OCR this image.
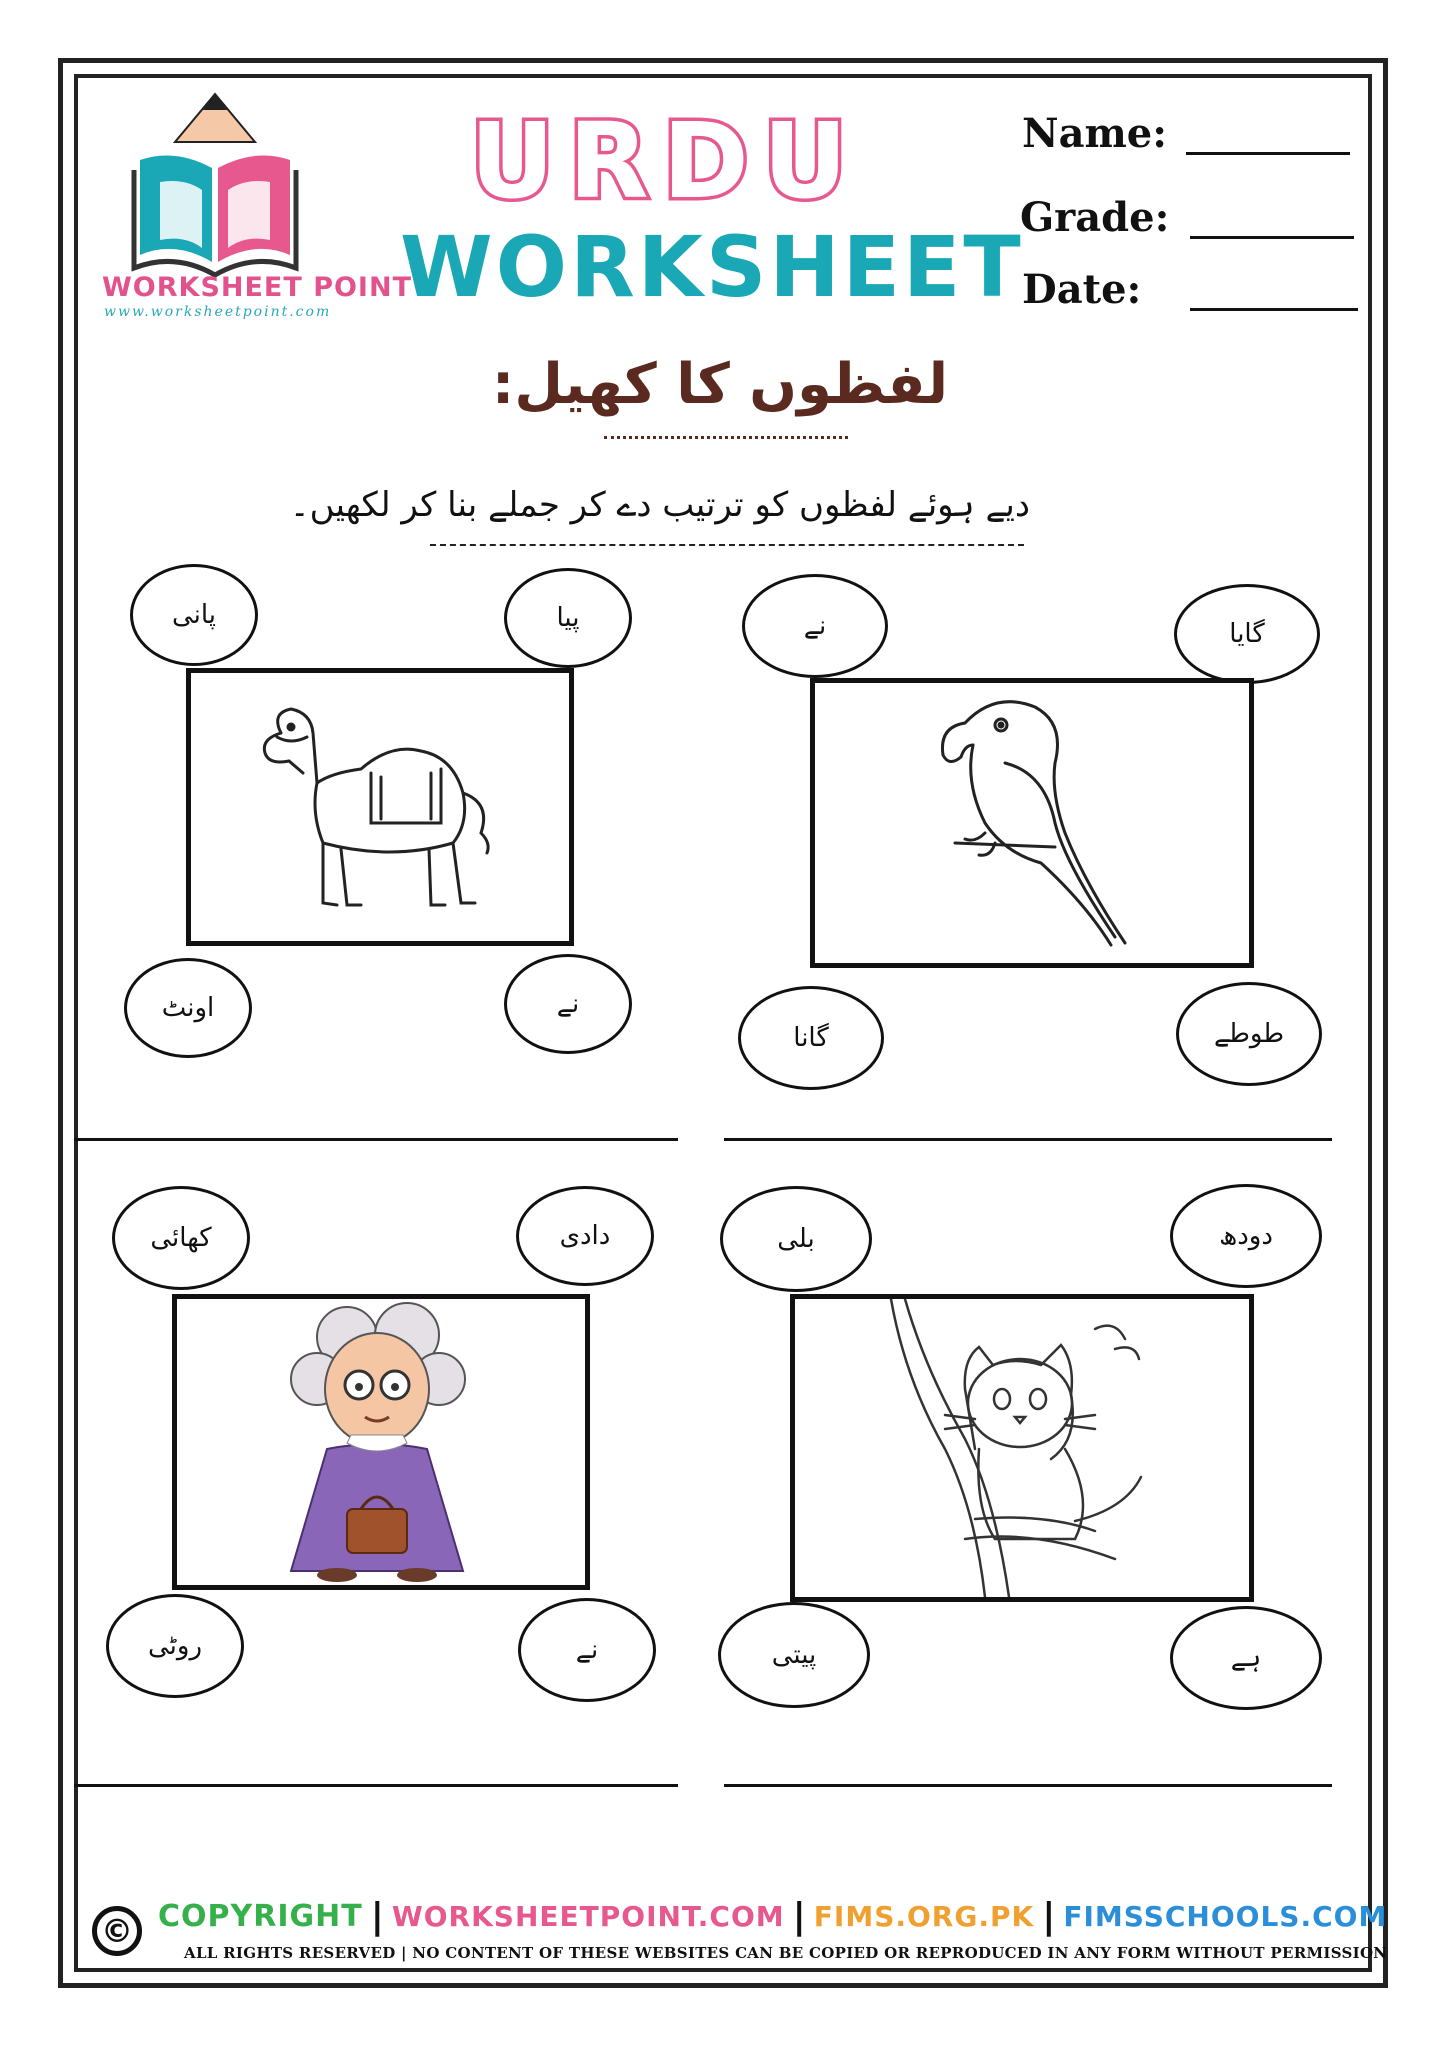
WORKSHEET POINT
www.worksheetpoint.com
URDU
WORKSHEET
Name:
Grade:
Date:
لفظوں کا کھیل:
دیے ہوئے لفظوں کو ترتیب دے کر جملے بنا کر لکھیں۔
پانی	پیا
اونٹ	نے
نے	گایا
گانا	طوطے
کھائی	دادی
روٹی	نے
بلی	دودھ
پیتی	ہے
© COPYRIGHT | WORKSHEETPOINT.COM | FIMS.ORG.PK | FIMSSCHOOLS.COM
ALL RIGHTS RESERVED | NO CONTENT OF THESE WEBSITES CAN BE COPIED OR REPRODUCED IN ANY FORM WITHOUT PERMISSION
